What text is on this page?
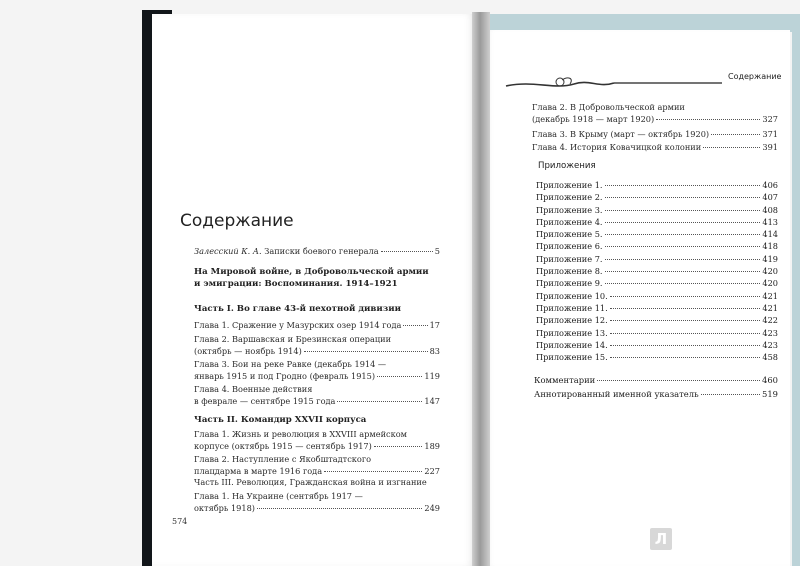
Содержание
Залесский К. А. Записки боевого генерала	5
На Мировой войне, в Добровольческой армии
и эмиграции: Воспоминания. 1914–1921
Часть I. Во главе 43-й пехотной дивизии
Глава 1. Сражение у Мазурских озер 1914 года	17
Глава 2. Варшавская и Брезинская операции
(октябрь — ноябрь 1914)	83
Глава 3. Бои на реке Равке (декабрь 1914 —
январь 1915 и под Гродно (февраль 1915)	119
Глава 4. Военные действия
в феврале — сентябре 1915 года	147
Часть II. Командир XXVII корпуса
Глава 1. Жизнь и революция в XXVIII армейском
корпусе (октябрь 1915 — сентябрь 1917)	189
Глава 2. Наступление с Якобштадтского
плацдарма в марте 1916 года	227
Часть III. Революция, Гражданская война и изгнание
Глава 1. На Украине (сентябрь 1917 —
октябрь 1918)	249
574
Содержание
Глава 2. В Добровольческой армии
(декабрь 1918 — март 1920)	327
Глава 3. В Крыму (март — октябрь 1920)	371
Глава 4. История Ковачицкой колонии	391
Приложения
Приложение 1.	406
Приложение 2.	407
Приложение 3.	408
Приложение 4.	413
Приложение 5.	414
Приложение 6.	418
Приложение 7.	419
Приложение 8.	420
Приложение 9.	420
Приложение 10.	421
Приложение 11.	421
Приложение 12.	422
Приложение 13.	423
Приложение 14.	423
Приложение 15.	458
Комментарии	460
Аннотированный именной указатель	519
Л
